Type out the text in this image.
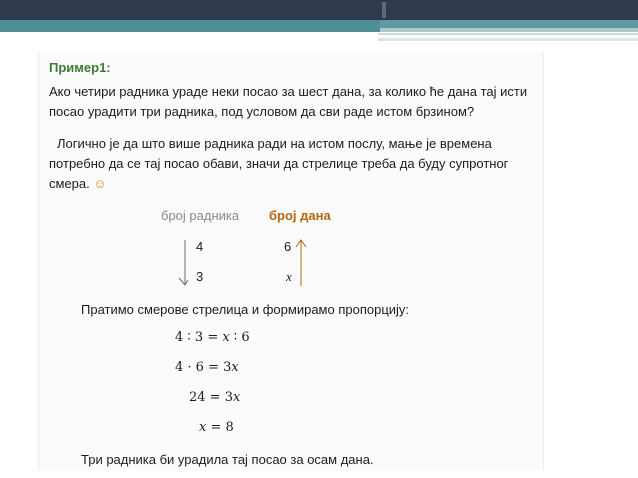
Пример1:
Ако четири радника ураде неки посао за шест дана, за колико ће дана тај исти
посао урадити три радника, под условом да сви раде истом брзином?
Логично је да што више радника ради на истом послу, мање је времена
потребно да се тај посао обави, значи да стрелице треба да буду супротног
смера. ☺
број радника број дана
4
3
6
x
Пратимо смерове стрелица и формирамо пропорцију:
4 ∶ 3 = 𝑥 ∶ 6
4 · 6 = 3𝑥
24 = 3𝑥
𝑥 = 8
Три радника би урадила тај посао за осам дана.
